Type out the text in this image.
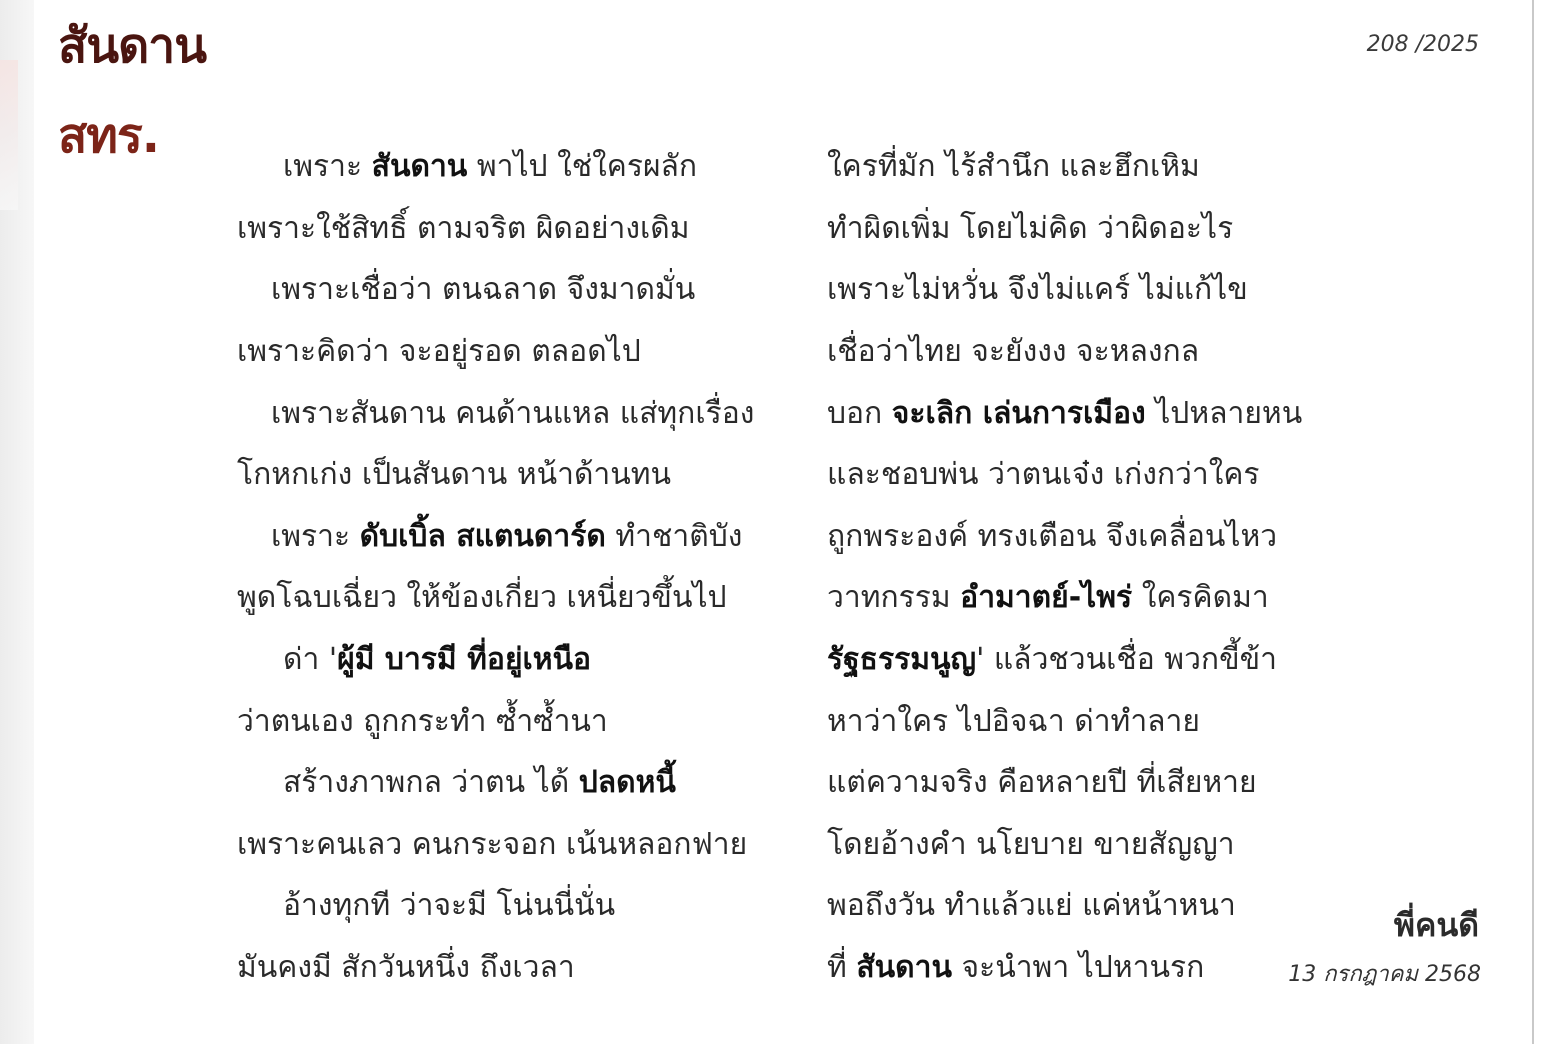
สันดาน
สทร.
208 /2025
เพราะ สันดาน พาไป ใช่ใครผลัก	ใครที่มัก ไร้สำนึก และฮึกเหิม
เพราะใช้สิทธิ์ ตามจริต ผิดอย่างเดิม	ทำผิดเพิ่ม โดยไม่คิด ว่าผิดอะไร
เพราะเชื่อว่า ตนฉลาด จึงมาดมั่น	เพราะไม่หวั่น จึงไม่แคร์ ไม่แก้ไข
เพราะคิดว่า จะอยู่รอด ตลอดไป	เชื่อว่าไทย จะยังงง จะหลงกล
เพราะสันดาน คนด้านแหล แส่ทุกเรื่อง	บอก จะเลิก เล่นการเมือง ไปหลายหน
โกหกเก่ง เป็นสันดาน หน้าด้านทน	และชอบพ่น ว่าตนเจ๋ง เก่งกว่าใคร
เพราะ ดับเบิ้ล สแตนดาร์ด ทำชาติบัง	ถูกพระองค์ ทรงเตือน จึงเคลื่อนไหว
พูดโฉบเฉี่ยว ให้ข้องเกี่ยว เหนี่ยวขึ้นไป	วาทกรรม อำมาตย์-ไพร่ ใครคิดมา
ด่า 'ผู้มี บารมี ที่อยู่เหนือ	รัฐธรรมนูญ' แล้วชวนเชื่อ พวกขี้ข้า
ว่าตนเอง ถูกกระทำ ซ้ำซ้ำนา	หาว่าใคร ไปอิจฉา ด่าทำลาย
สร้างภาพกล ว่าตน ได้ ปลดหนี้	แต่ความจริง คือหลายปี ที่เสียหาย
เพราะคนเลว คนกระจอก เน้นหลอกฟาย	โดยอ้างคำ นโยบาย ขายสัญญา
อ้างทุกที ว่าจะมี โน่นนี่นั่น	พอถึงวัน ทำแล้วแย่ แค่หน้าหนา
มันคงมี สักวันหนึ่ง ถึงเวลา	ที่ สันดาน จะนำพา ไปหานรก
พี่คนดี
13 กรกฎาคม 2568
